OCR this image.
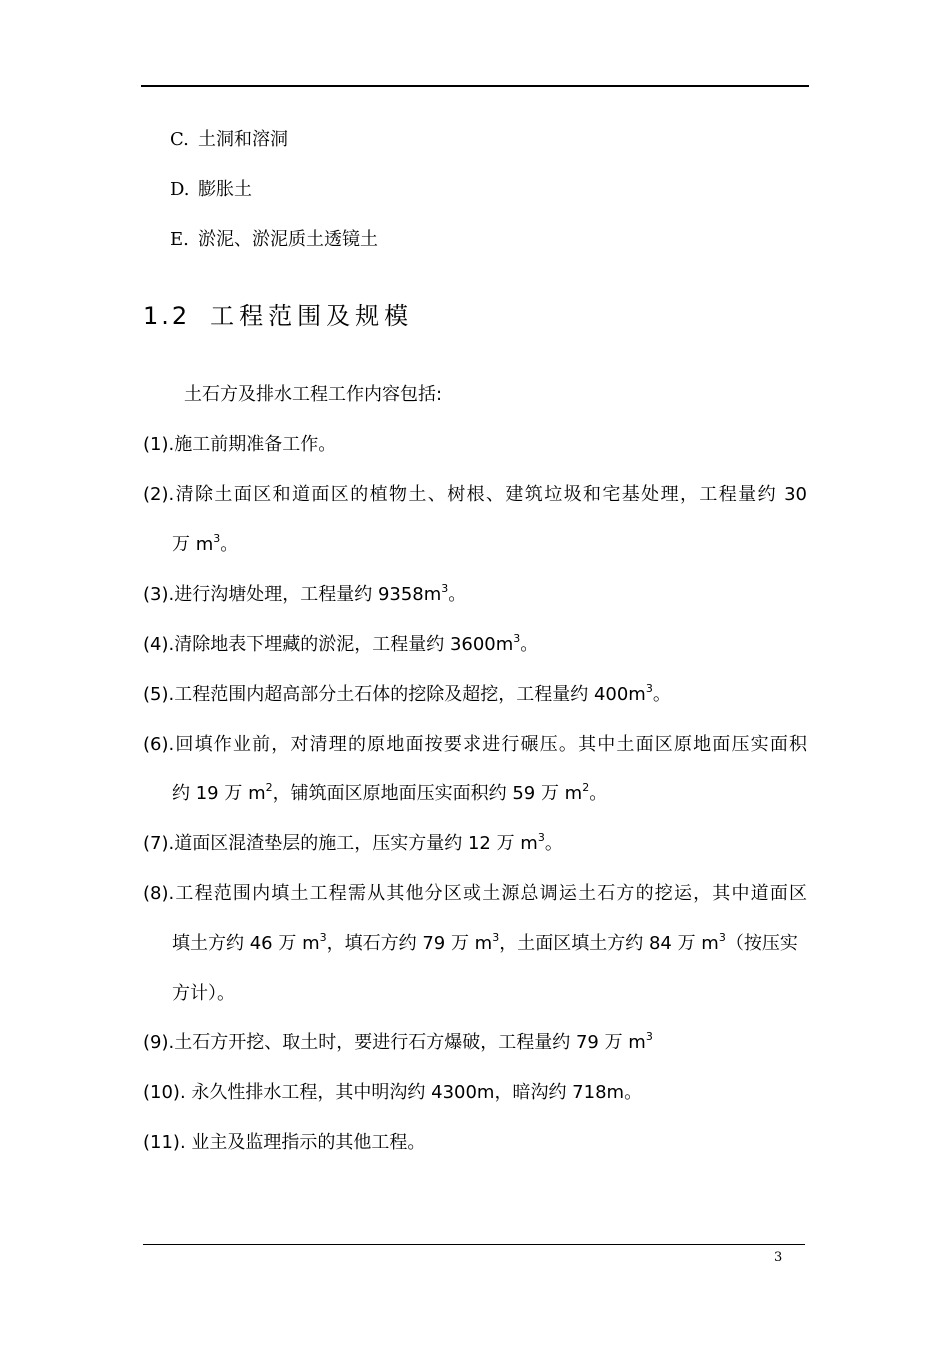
C. 土洞和溶洞
D. 膨胀土
E. 淤泥、淤泥质土透镜土
1.2 工程范围及规模
土石方及排水工程工作内容包括:
(1).施工前期准备工作。
(2).清除土面区和道面区的植物土、树根、建筑垃圾和宅基处理，工程量约 30
万 $m^3$。
(3).进行沟塘处理，工程量约 $9358m^3$。
(4).清除地表下埋藏的淤泥，工程量约 $3600m^3$。
(5).工程范围内超高部分土石体的挖除及超挖，工程量约 $400m^3$。
(6).回填作业前，对清理的原地面按要求进行碾压。其中土面区原地面压实面积
约 19 万 $m^2$，铺筑面区原地面压实面积约 59 万 $m^2$。
(7).道面区混渣垫层的施工，压实方量约 12 万 $m^3$。
(8).工程范围内填土工程需从其他分区或土源总调运土石方的挖运，其中道面区
填土方约 46 万 $m^3$，填石方约 79 万 $m^3$，土面区填土方约 84 万 $m^3$（按压实
方计）。
(9).土石方开挖、取土时，要进行石方爆破，工程量约 79 万 $m^3$
(10). 永久性排水工程，其中明沟约 4300m，暗沟约 718m。
(11). 业主及监理指示的其他工程。
3
